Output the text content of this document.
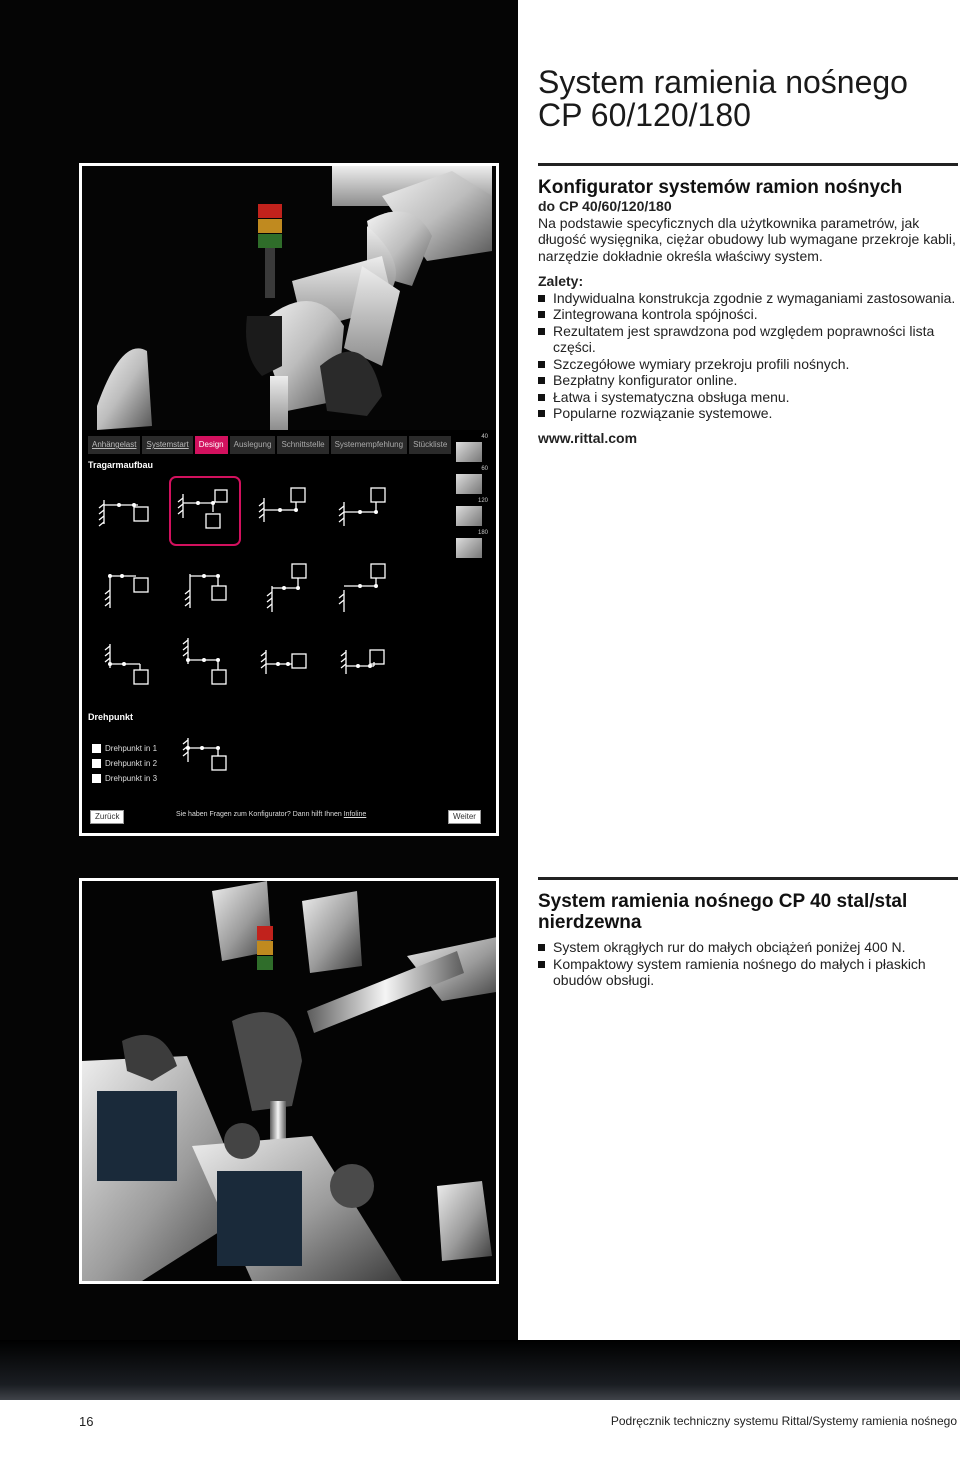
System ramienia nośnego CP 60/120/180
Konfigurator systemów ramion nośnych
do CP 40/60/120/180
Na podstawie specyficznych dla użytkownika parametrów, jak długość wysięgnika, ciężar obudowy lub wymagane przekroje kabli, narzędzie dokładnie określa właściwy system.
Zalety:
Indywidualna konstrukcja zgodnie z wymaganiami zastosowania.
Zintegrowana kontrola spójności.
Rezultatem jest sprawdzona pod względem poprawności lista części.
Szczegółowe wymiary przekroju profili nośnych.
Bezpłatny konfigurator online.
Łatwa i systematyczna obsługa menu.
Popularne rozwiązanie systemowe.
www.rittal.com
System ramienia nośnego CP 40 stal/stal nierdzewna
System okrągłych rur do małych obciążeń poniżej 400 N.
Kompaktowy system ramienia nośnego do małych i płaskich obudów obsługi.
Anhängelast	Systemstart	Design	Auslegung	Schnittstelle	Systemempfehlung	Stückliste
40
60
120
180
Tragarmaufbau
Drehpunkt
Drehpunkt in 1
Drehpunkt in 2
Drehpunkt in 3
Zurück	Sie haben Fragen zum Konfigurator? Dann hilft Ihnen Infoline	Weiter
16	Podręcznik techniczny systemu Rittal/Systemy ramienia nośnego
